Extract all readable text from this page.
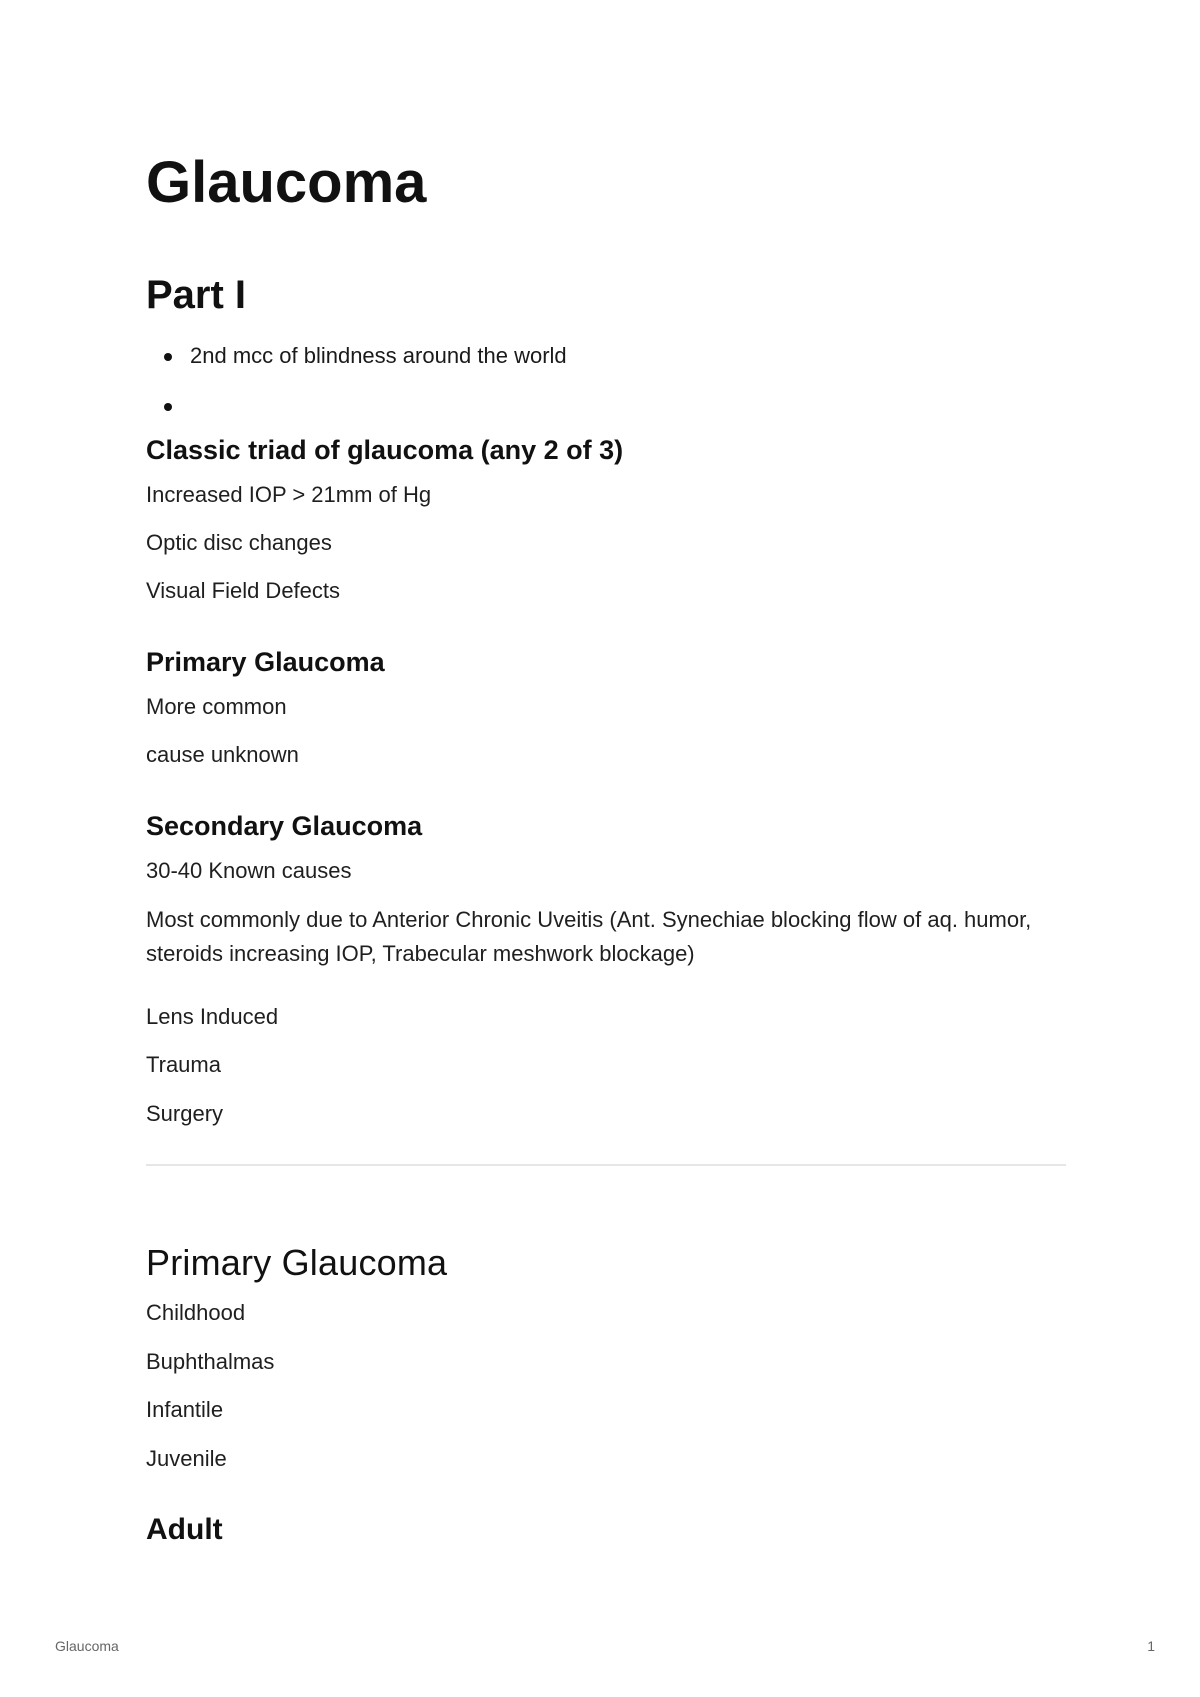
Glaucoma
Part I
2nd mcc of blindness around the world
Classic triad of glaucoma (any 2 of 3)

Increased IOP > 21mm of Hg

Optic disc changes

Visual Field Defects

Primary Glaucoma

More common

cause unknown

Secondary Glaucoma

30-40 Known causes

Most commonly due to Anterior Chronic Uveitis (Ant. Synechiae blocking flow of aq. humor, steroids increasing IOP, Trabecular meshwork blockage)

Lens Induced

Trauma

Surgery

Primary Glaucoma

Childhood

Buphthalmas

Infantile

Juvenile

Adult
Glaucoma	1
